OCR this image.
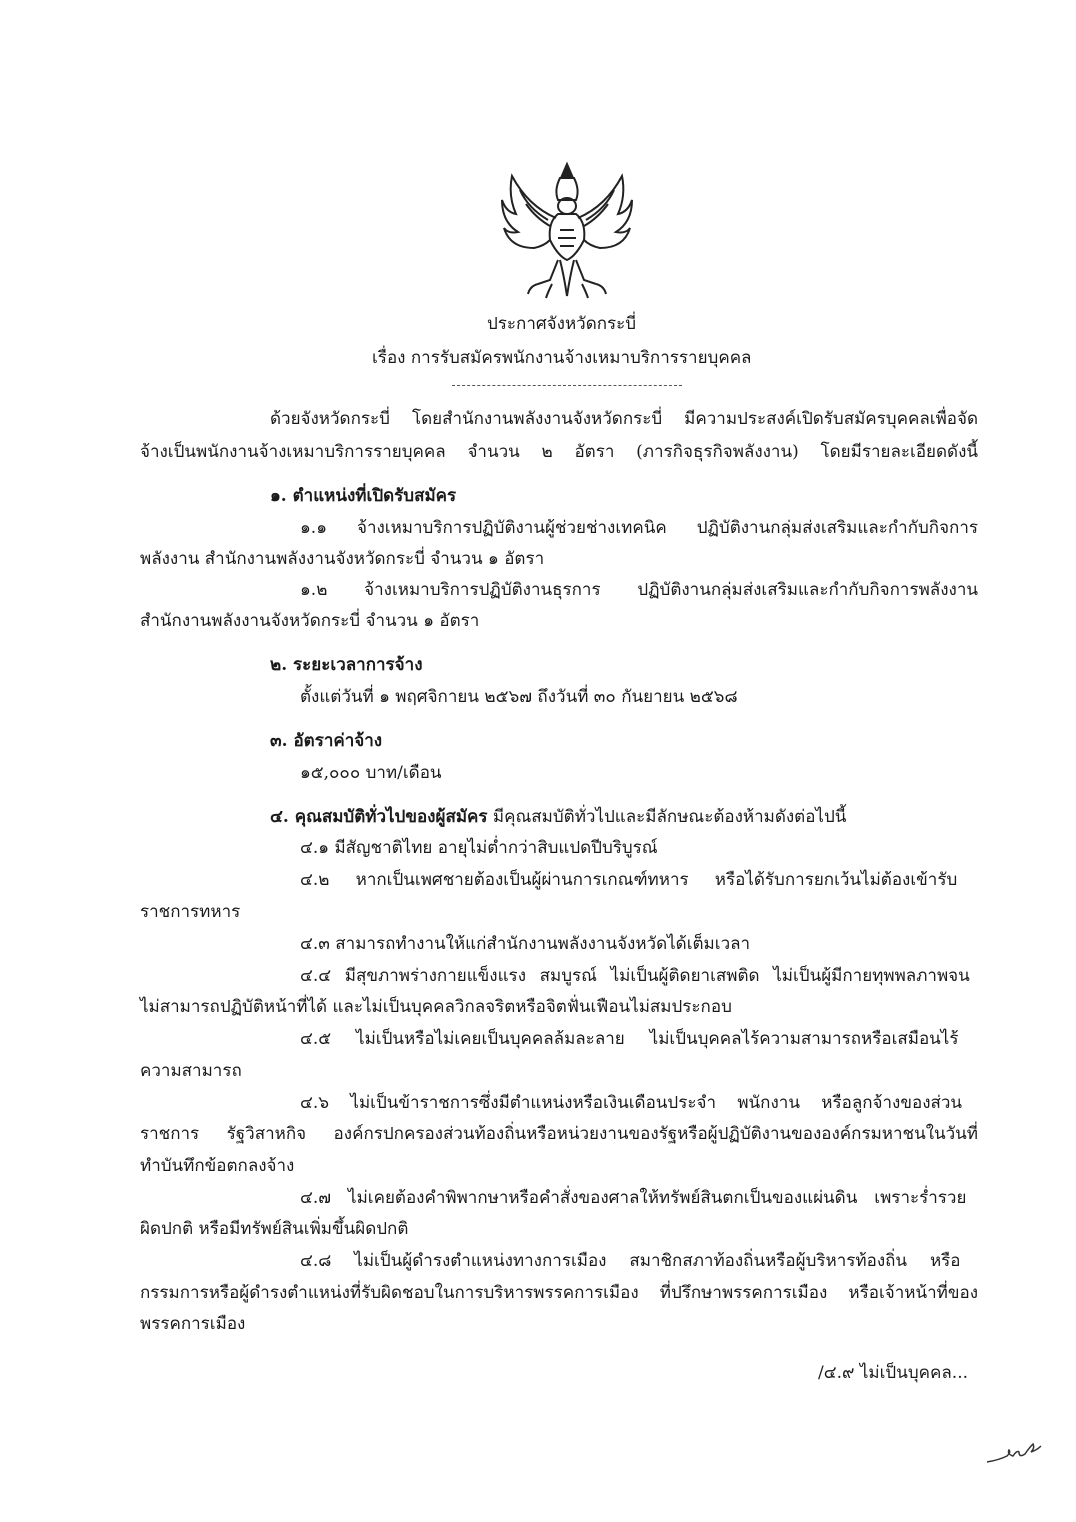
ประกาศจังหวัดกระบี่
เรื่อง การรับสมัครพนักงานจ้างเหมาบริการรายบุคคล
ด้วยจังหวัดกระบี่ โดยสำนักงานพลังงานจังหวัดกระบี่ มีความประสงค์เปิดรับสมัครบุคคลเพื่อจัด
จ้างเป็นพนักงานจ้างเหมาบริการรายบุคคล จำนวน ๒ อัตรา (ภารกิจธุรกิจพลังงาน) โดยมีรายละเอียดดังนี้
๑. ตำแหน่งที่เปิดรับสมัคร
๑.๑ จ้างเหมาบริการปฏิบัติงานผู้ช่วยช่างเทคนิค ปฏิบัติงานกลุ่มส่งเสริมและกำกับกิจการ
พลังงาน สำนักงานพลังงานจังหวัดกระบี่ จำนวน ๑ อัตรา
๑.๒ จ้างเหมาบริการปฏิบัติงานธุรการ ปฏิบัติงานกลุ่มส่งเสริมและกำกับกิจการพลังงาน
สำนักงานพลังงานจังหวัดกระบี่ จำนวน ๑ อัตรา
๒. ระยะเวลาการจ้าง
ตั้งแต่วันที่ ๑ พฤศจิกายน ๒๕๖๗ ถึงวันที่ ๓๐ กันยายน ๒๕๖๘
๓. อัตราค่าจ้าง
๑๕,๐๐๐ บาท/เดือน
๔. คุณสมบัติทั่วไปของผู้สมัคร มีคุณสมบัติทั่วไปและมีลักษณะต้องห้ามดังต่อไปนี้
๔.๑ มีสัญชาติไทย อายุไม่ต่ำกว่าสิบแปดปีบริบูรณ์
๔.๒ หากเป็นเพศชายต้องเป็นผู้ผ่านการเกณฑ์ทหาร หรือได้รับการยกเว้นไม่ต้องเข้ารับ
ราชการทหาร
๔.๓ สามารถทำงานให้แก่สำนักงานพลังงานจังหวัดได้เต็มเวลา
๔.๔ มีสุขภาพร่างกายแข็งแรง สมบูรณ์ ไม่เป็นผู้ติดยาเสพติด ไม่เป็นผู้มีกายทุพพลภาพจน
ไม่สามารถปฏิบัติหน้าที่ได้ และไม่เป็นบุคคลวิกลจริตหรือจิตฟั่นเฟือนไม่สมประกอบ
๔.๕ ไม่เป็นหรือไม่เคยเป็นบุคคลล้มละลาย ไม่เป็นบุคคลไร้ความสามารถหรือเสมือนไร้
ความสามารถ
๔.๖ ไม่เป็นข้าราชการซึ่งมีตำแหน่งหรือเงินเดือนประจำ พนักงาน หรือลูกจ้างของส่วน
ราชการ รัฐวิสาหกิจ องค์กรปกครองส่วนท้องถิ่นหรือหน่วยงานของรัฐหรือผู้ปฏิบัติงานขององค์กรมหาชนในวันที่
ทำบันทึกข้อตกลงจ้าง
๔.๗ ไม่เคยต้องคำพิพากษาหรือคำสั่งของศาลให้ทรัพย์สินตกเป็นของแผ่นดิน เพราะร่ำรวย
ผิดปกติ หรือมีทรัพย์สินเพิ่มขึ้นผิดปกติ
๔.๘ ไม่เป็นผู้ดำรงตำแหน่งทางการเมือง สมาชิกสภาท้องถิ่นหรือผู้บริหารท้องถิ่น หรือ
กรรมการหรือผู้ดำรงตำแหน่งที่รับผิดชอบในการบริหารพรรคการเมือง ที่ปรึกษาพรรคการเมือง หรือเจ้าหน้าที่ของ
พรรคการเมือง
/๔.๙ ไม่เป็นบุคคล...
